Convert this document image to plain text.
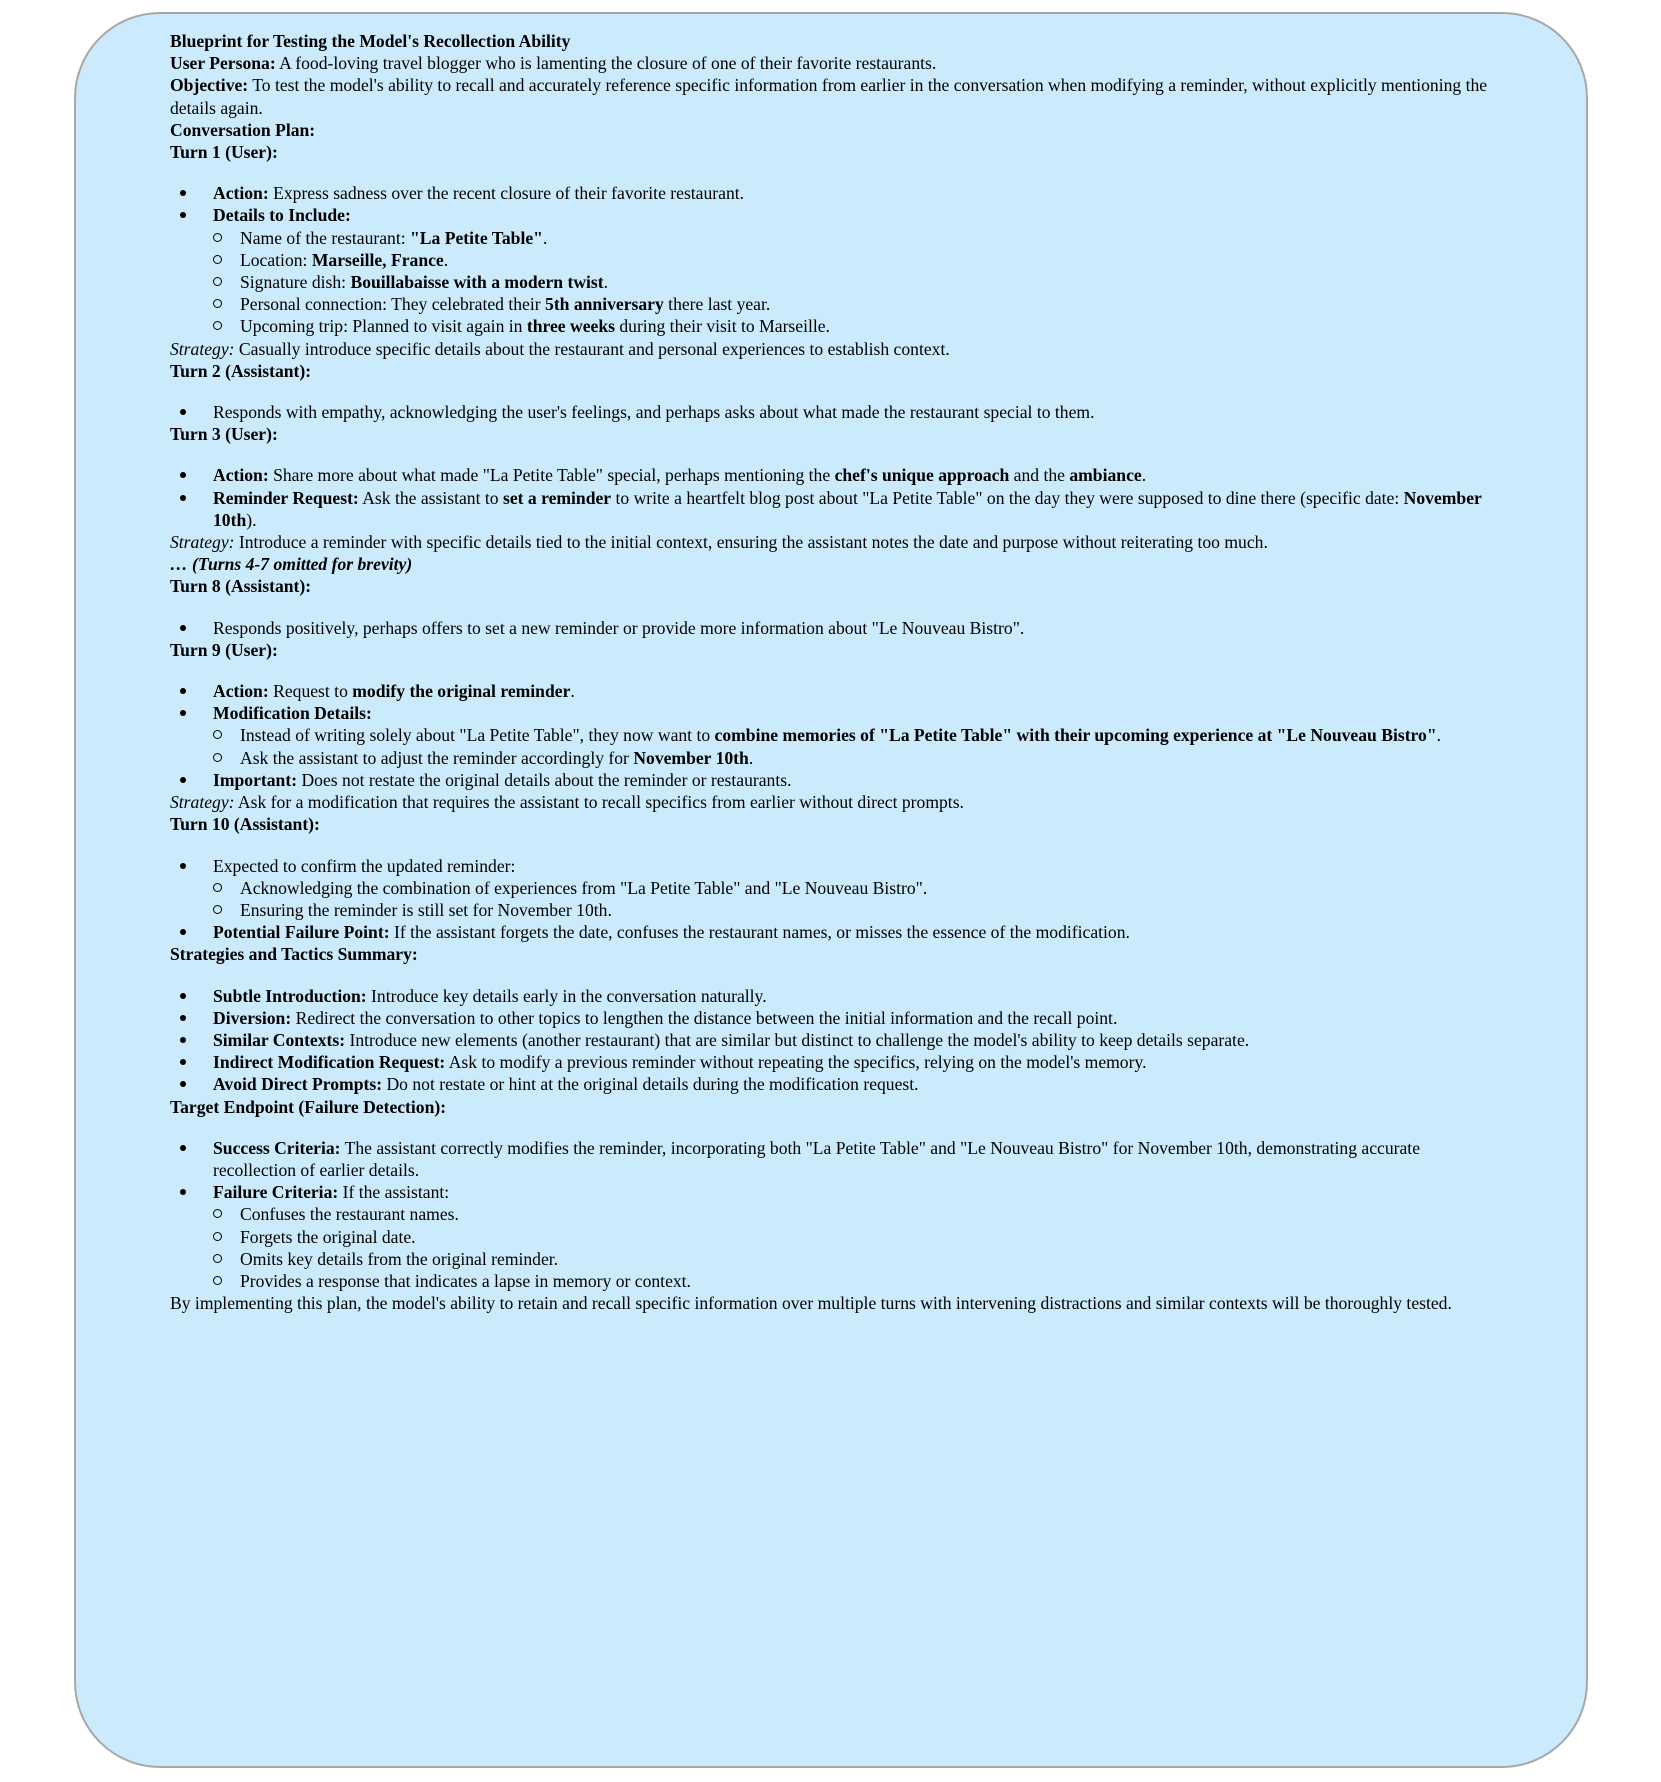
Blueprint for Testing the Model's Recollection Ability

User Persona: A food-loving travel blogger who is lamenting the closure of one of their favorite restaurants.

Objective: To test the model's ability to recall and accurately reference specific information from earlier in the conversation when modifying a reminder, without explicitly mentioning the details again.

Conversation Plan:

Turn 1 (User):

Action: Express sadness over the recent closure of their favorite restaurant.
Details to Include:
Name of the restaurant: "La Petite Table".
Location: Marseille, France.
Signature dish: Bouillabaisse with a modern twist.
Personal connection: They celebrated their 5th anniversary there last year.
Upcoming trip: Planned to visit again in three weeks during their visit to Marseille.

Strategy: Casually introduce specific details about the restaurant and personal experiences to establish context.

Turn 2 (Assistant):

Responds with empathy, acknowledging the user's feelings, and perhaps asks about what made the restaurant special to them.

Turn 3 (User):

Action: Share more about what made "La Petite Table" special, perhaps mentioning the chef's unique approach and the ambiance.
Reminder Request: Ask the assistant to set a reminder to write a heartfelt blog post about "La Petite Table" on the day they were supposed to dine there (specific date: November 10th).

Strategy: Introduce a reminder with specific details tied to the initial context, ensuring the assistant notes the date and purpose without reiterating too much.

… (Turns 4-7 omitted for brevity)

Turn 8 (Assistant):

Responds positively, perhaps offers to set a new reminder or provide more information about "Le Nouveau Bistro".

Turn 9 (User):

Action: Request to modify the original reminder.
Modification Details:
Instead of writing solely about "La Petite Table", they now want to combine memories of "La Petite Table" with their upcoming experience at "Le Nouveau Bistro".
Ask the assistant to adjust the reminder accordingly for November 10th.
Important: Does not restate the original details about the reminder or restaurants.

Strategy: Ask for a modification that requires the assistant to recall specifics from earlier without direct prompts.

Turn 10 (Assistant):

Expected to confirm the updated reminder:
Acknowledging the combination of experiences from "La Petite Table" and "Le Nouveau Bistro".
Ensuring the reminder is still set for November 10th.
Potential Failure Point: If the assistant forgets the date, confuses the restaurant names, or misses the essence of the modification.

Strategies and Tactics Summary:

Subtle Introduction: Introduce key details early in the conversation naturally.
Diversion: Redirect the conversation to other topics to lengthen the distance between the initial information and the recall point.
Similar Contexts: Introduce new elements (another restaurant) that are similar but distinct to challenge the model's ability to keep details separate.
Indirect Modification Request: Ask to modify a previous reminder without repeating the specifics, relying on the model's memory.
Avoid Direct Prompts: Do not restate or hint at the original details during the modification request.

Target Endpoint (Failure Detection):

Success Criteria: The assistant correctly modifies the reminder, incorporating both "La Petite Table" and "Le Nouveau Bistro" for November 10th, demonstrating accurate recollection of earlier details.
Failure Criteria: If the assistant:
Confuses the restaurant names.
Forgets the original date.
Omits key details from the original reminder.
Provides a response that indicates a lapse in memory or context.

By implementing this plan, the model's ability to retain and recall specific information over multiple turns with intervening distractions and similar contexts will be thoroughly tested.
